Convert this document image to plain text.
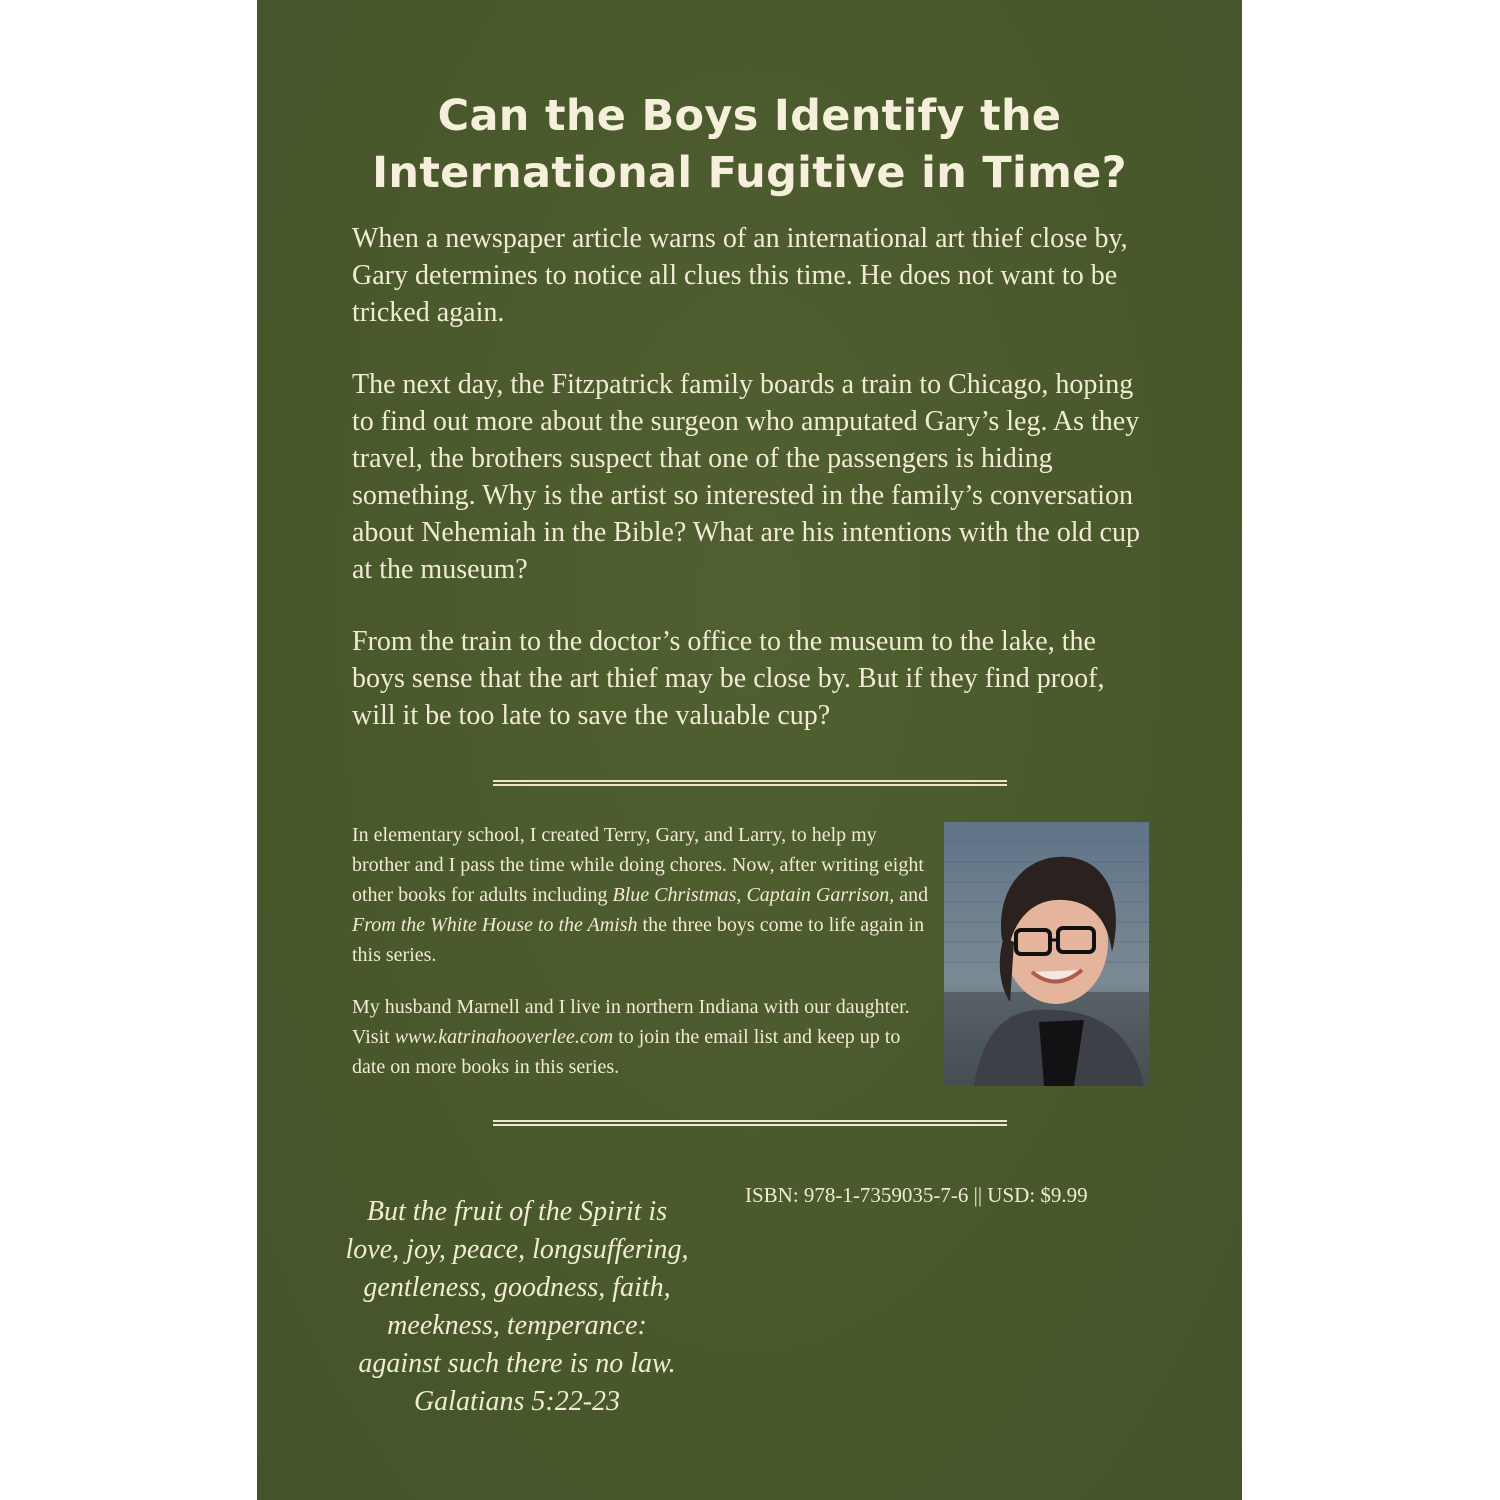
Can the Boys Identify the
International Fugitive in Time?

When a newspaper article warns of an international art thief close by, Gary determines to notice all clues this time. He does not want to be tricked again.

The next day, the Fitzpatrick family boards a train to Chicago, hoping to find out more about the surgeon who amputated Gary’s leg. As they travel, the brothers suspect that one of the passengers is hiding something. Why is the artist so interested in the family’s conversation about Nehemiah in the Bible? What are his intentions with the old cup at the museum?

From the train to the doctor’s office to the museum to the lake, the boys sense that the art thief may be close by. But if they find proof, will it be too late to save the valuable cup?

In elementary school, I created Terry, Gary, and Larry, to help my brother and I pass the time while doing chores. Now, after writing eight other books for adults including Blue Christmas, Captain Garrison, and From the White House to the Amish the three boys come to life again in this series.

My husband Marnell and I live in northern Indiana with our daughter. Visit www.katrinahooverlee.com to join the email list and keep up to date on more books in this series.

ISBN: 978-1-7359035-7-6 || USD: $9.99
But the fruit of the Spirit is
love, joy, peace, longsuffering,
gentleness, goodness, faith,
meekness, temperance:
against such there is no law.
Galatians 5:22-23
